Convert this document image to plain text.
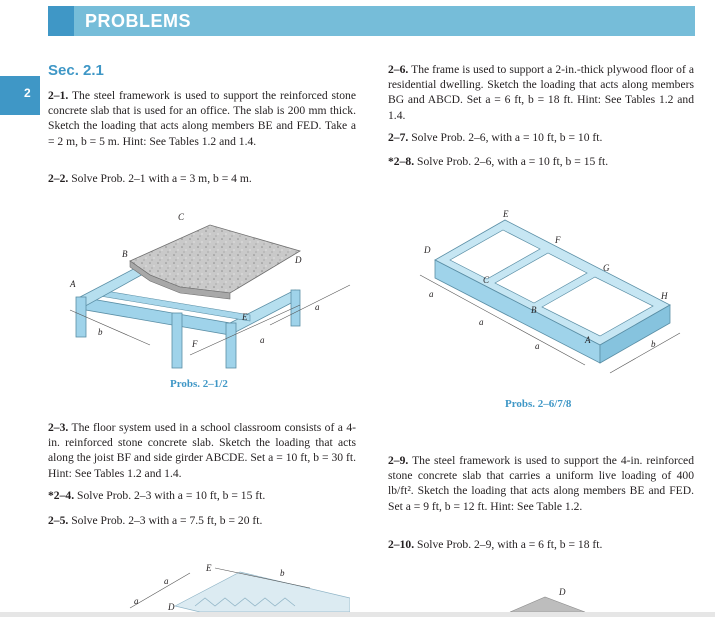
PROBLEMS
2
Sec. 2.1
2–1. The steel framework is used to support the reinforced stone concrete slab that is used for an office. The slab is 200 mm thick. Sketch the loading that acts along members BE and FED. Take a = 2 m, b = 5 m. Hint: See Tables 1.2 and 1.4.
2–2. Solve Prob. 2–1 with a = 3 m, b = 4 m.
2–3. The floor system used in a school classroom consists of a 4-in. reinforced stone concrete slab. Sketch the loading that acts along the joist BF and side girder ABCDE. Set a = 10 ft, b = 30 ft. Hint: See Tables 1.2 and 1.4.
*2–4. Solve Prob. 2–3 with a = 10 ft, b = 15 ft.
2–5. Solve Prob. 2–3 with a = 7.5 ft, b = 20 ft.
2–6. The frame is used to support a 2-in.-thick plywood floor of a residential dwelling. Sketch the loading that acts along members BG and ABCD. Set a = 6 ft, b = 18 ft. Hint: See Tables 1.2 and 1.4.
2–7. Solve Prob. 2–6, with a = 10 ft, b = 10 ft.
*2–8. Solve Prob. 2–6, with a = 10 ft, b = 15 ft.
2–9. The steel framework is used to support the 4-in. reinforced stone concrete slab that carries a uniform live loading of 400 lb/ft². Sketch the loading that acts along members BE and FED. Set a = 9 ft, b = 12 ft. Hint: See Table 1.2.
2–10. Solve Prob. 2–9, with a = 6 ft, b = 18 ft.
A
B
C
D
E
F
b
a
a
Probs. 2–1/2
D
E
F
G
H
C
B
A
a
a
a	b
Probs. 2–6/7/8
E
D
a
a
b
D
